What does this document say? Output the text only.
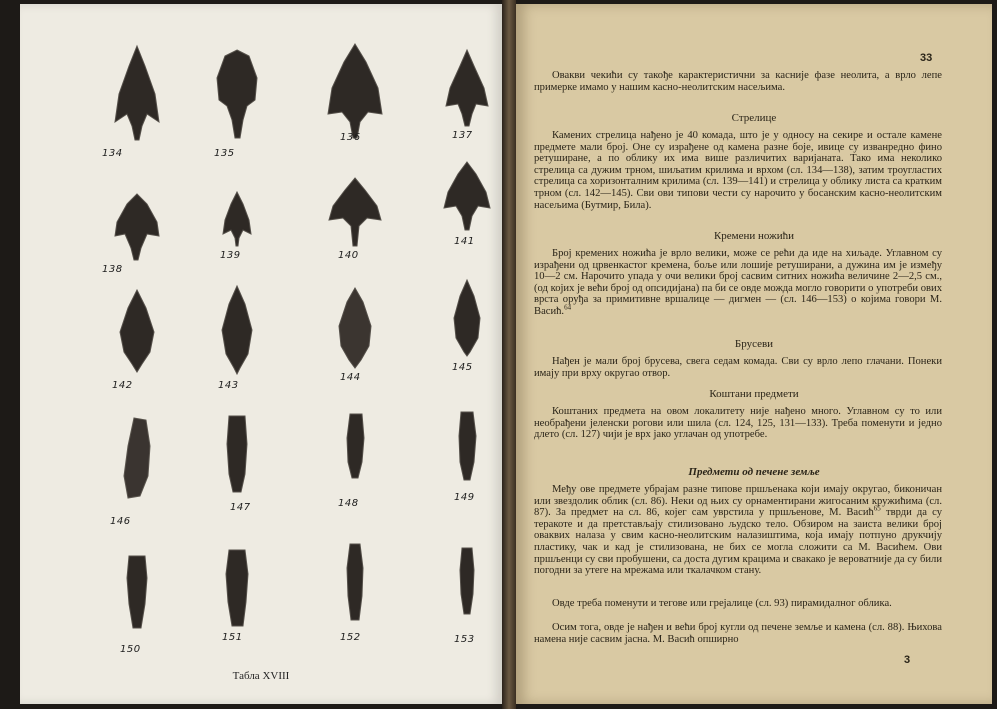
134	135
136	137
138
139	140
141
142	143
144
145
146
147	148
149
150
151	152	153
Табла XVIII
33
Овакви чекићи су такође карактеристични за касније фазе неолита, а врло лепе примерке имамо у нашим касно-неолитским насељима.
Стрелице
Камених стрелица нађено је 40 комада, што је у односу на секире и остале камене предмете мали број. Оне су израђене од камена разне боје, ивице су изванредно фино ретуширане, а по облику их има више различитих варијаната. Тако има неколико стрелица са дужим трном, шиљатим крилима и врхом (сл. 134—138), затим троугластих стрелица са хоризонталним крилима (сл. 139—141) и стрелица у облику листа са кратким трном (сл. 142—145). Сви ови типови чести су нарочито у босанским касно-неолитским насељима (Бутмир, Била).
Кремени ножићи
Број кремених ножића је врло велики, може се рећи да иде на хиљаде. Углавном су израђени од црвенкастог кремена, боље или лошије ретуширани, а дужина им је између 10—2 см. Нарочито упада у очи велики број сасвим ситних ножића величине 2—2,5 см., (од којих је већи број од опсидијана) па би се овде можда могло говорити о употреби ових врста оруђа за примитивне вршалице — дигмен — (сл. 146—153) о којима говори М. Васић.$^{64}$
Брусеви
Нађен је мали број брусева, свега седам комада. Сви су врло лепо глачани. Понеки имају при врху округао отвор.
Коштани предмети
Коштаних предмета на овом локалитету није нађено много. Углавном су то или необрађени јеленски рогови или шила (сл. 124, 125, 131—133). Треба поменути и једно длето (сл. 127) чији је врх јако углачан од употребе.
Предмети од печене земље
Међу ове предмете убрајам разне типове пршљенака који имају округао, биконичан или звездолик облик (сл. 86). Неки од њих су орнаментирани жигосаним кружићима (сл. 87). За предмет на сл. 86, којег сам уврстила у пршљенове, М. Васић$^{65}$ тврди да су теракоте и да претстављају стилизовано људско тело. Обзиром на заиста велики број оваквих налаза у свим касно-неолитским налазиштима, која имају потпуно друкчију пластику, чак и кад је стилизована, не бих се могла сложити са М. Васићем. Ови пршљенци су сви пробушени, са доста дугим крацима и свакако је вероватније да су били погодни за утеге на мрежама или ткалачком стану.
Овде треба поменути и тегове или грејалице (сл. 93) пирамидалног облика.
Осим тога, овде је нађен и већи број кугли од печене земље и камена (сл. 88). Њихова намена није сасвим јасна. М. Васић опширно
3
